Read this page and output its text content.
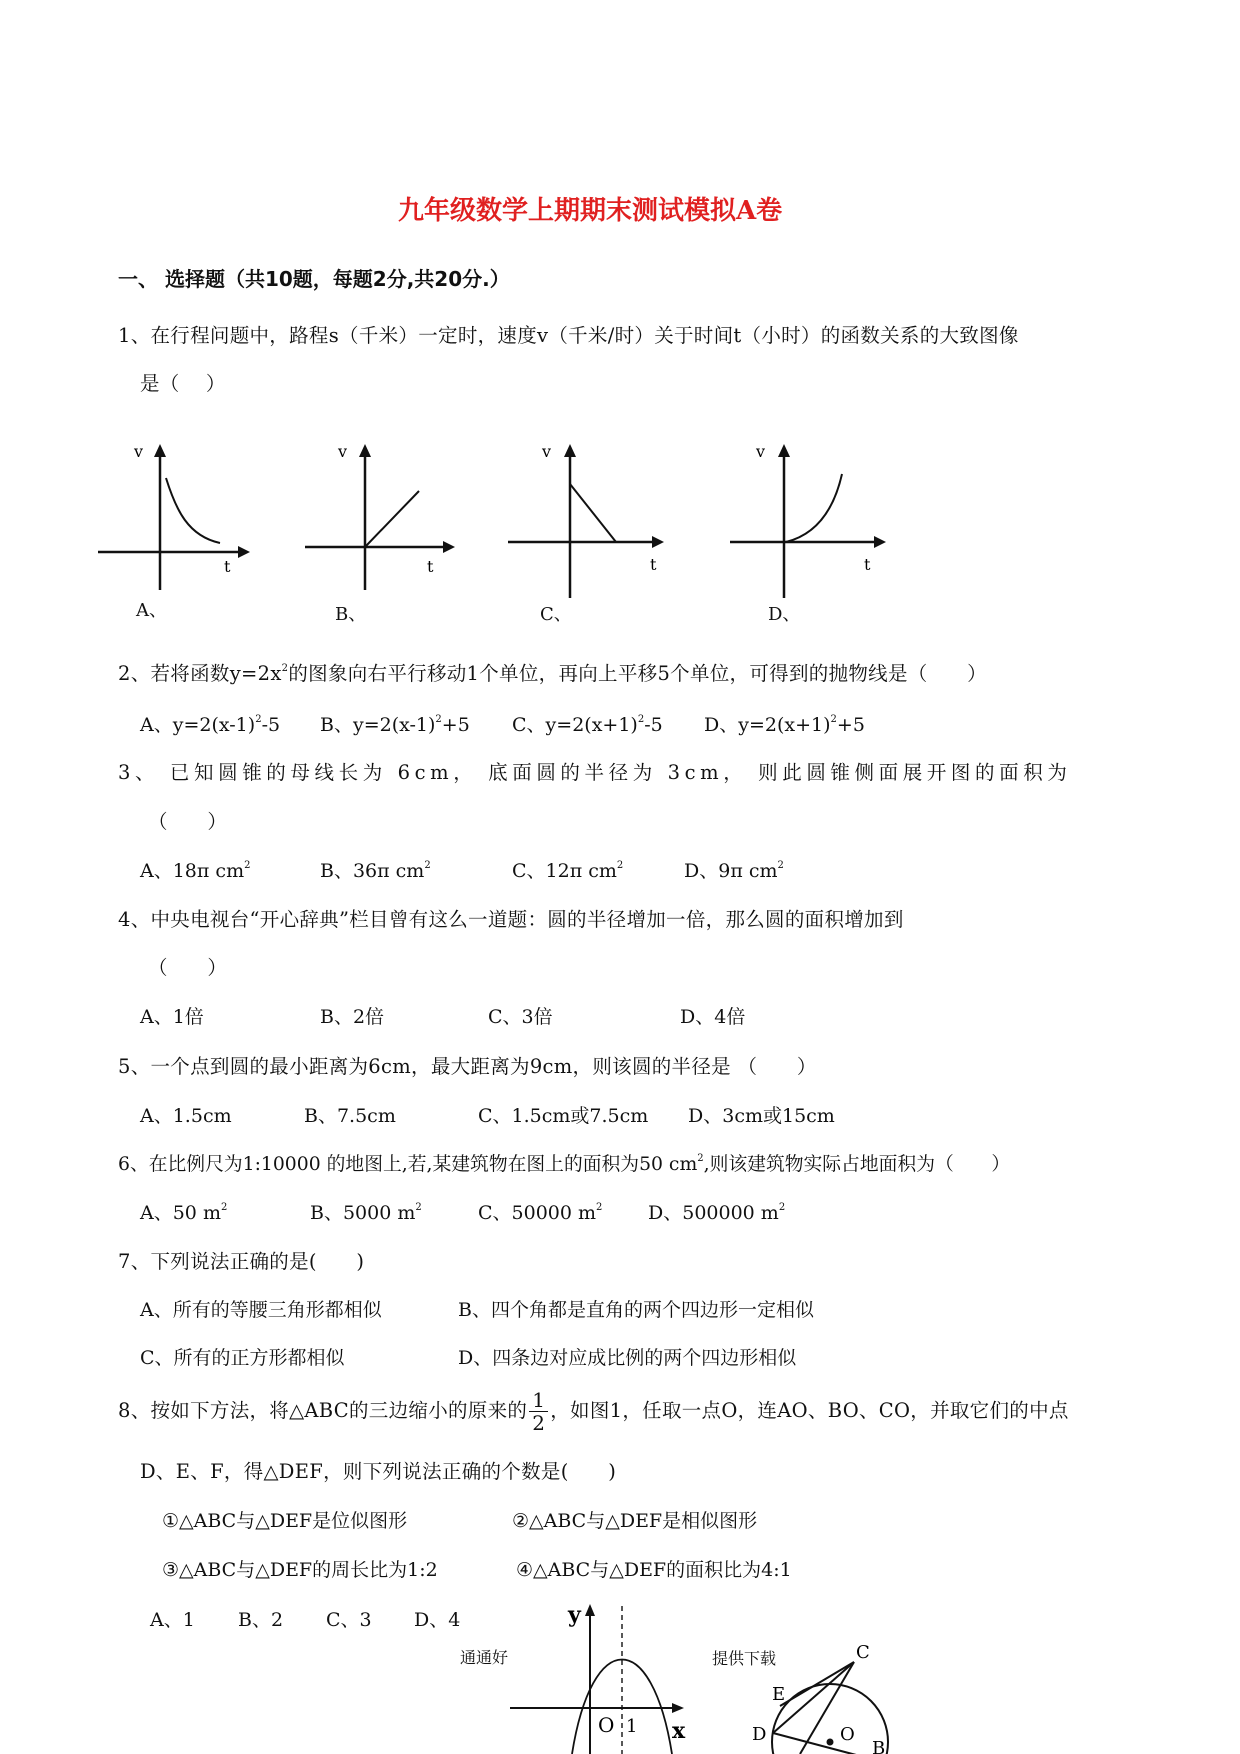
九年级数学上期期末测试模拟A卷
一、 选择题（共10题，每题2分,共20分.）
1、在行程问题中，路程s（千米）一定时，速度v（千米/时）关于时间t（小时）的函数关系的大致图像
是（　 ）
v
t
A、
v
t
B、
v
t
C、
v
t
D、
2、若将函数$y=2x^2$的图象向右平行移动1个单位，再向上平移5个单位，可得到的抛物线是（　　）
A、$y=2(x-1)^2-5$ B、$y=2(x-1)^2+5$ C、$y=2(x+1)^2-5$ D、$y=2(x+1)^2+5$
3、 已知圆锥的母线长为 6cm， 底面圆的半径为 3cm， 则此圆锥侧面展开图的面积为
（　　）
A、18π $cm^2$	B、36π $cm^2$	C、12π $cm^2$	D、9π $cm^2$
4、中央电视台“开心辞典”栏目曾有这么一道题：圆的半径增加一倍，那么圆的面积增加到
（　　）
A、1倍	B、2倍	C、3倍	D、4倍
5、一个点到圆的最小距离为6cm，最大距离为9cm，则该圆的半径是 （　　）
A、1.5cm	B、7.5cm	C、1.5cm或7.5cm D、3cm或15cm
6、在比例尺为1:10000 的地图上,若,某建筑物在图上的面积为50 $cm^2$,则该建筑物实际占地面积为（　　）
A、50 $m^2$	B、5000 $m^2$	C、50000 $m^2$ D、500000 $m^2$
7、下列说法正确的是(　　)
A、所有的等腰三角形都相似	B、四个角都是直角的两个四边形一定相似
C、所有的正方形都相似	D、四条边对应成比例的两个四边形相似
8、按如下方法，将△ABC的三边缩小的原来的 $\frac{1}{2}$ ，如图1，任取一点O，连AO、BO、CO，并取它们的中点
D、E、F，得△DEF，则下列说法正确的个数是(　　)
①△ABC与△DEF是位似图形	②△ABC与△DEF是相似图形
③△ABC与△DEF的周长比为1:2	④△ABC与△DEF的面积比为4:1
A、1 B、2 C、3 D、4
通通好
y
x
O 1
提供下载	C
E
D	O
B
